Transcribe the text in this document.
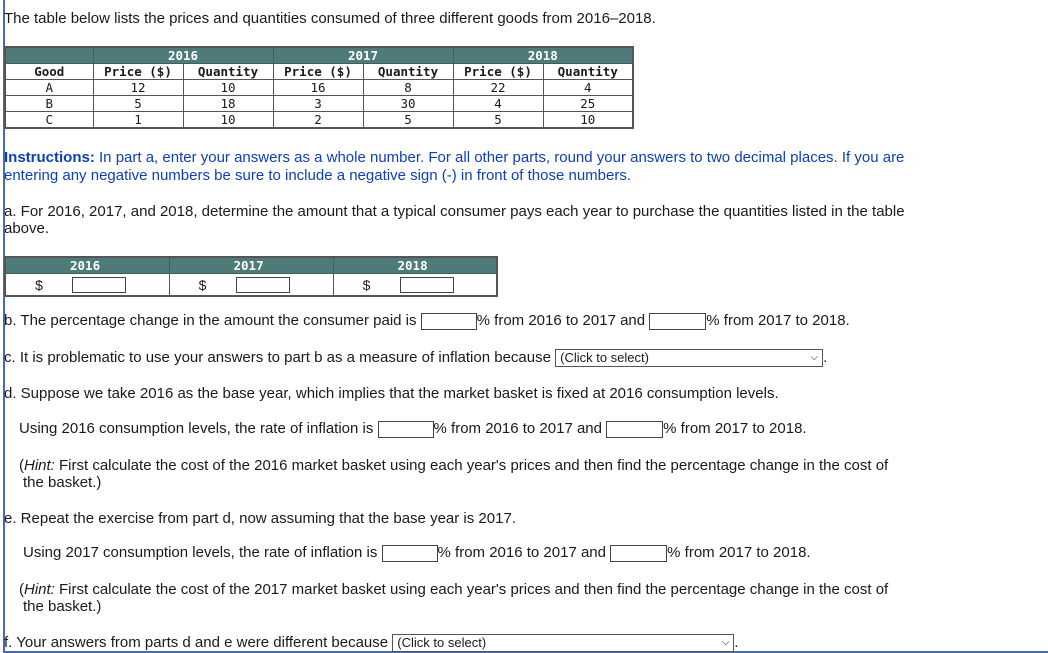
The table below lists the prices and quantities consumed of three different goods from 2016–2018.
	2016		2017		2018	
Good	Price ($)	Quantity	Price ($)	Quantity	Price ($)	Quantity
A	12	10	16	8	22	4
B	5	18	3	30	4	25
C	1	10	2	5	5	10
Instructions: In part a, enter your answers as a whole number. For all other parts, round your answers to two decimal places. If you are
entering any negative numbers be sure to include a negative sign (-) in front of those numbers.
a. For 2016, 2017, and 2018, determine the amount that a typical consumer pays each year to purchase the quantities listed in the table
above.
2016	2017	2018

$	$	$
b. The percentage change in the amount the consumer paid is	% from 2016 to 2017 and	% from 2017 to 2018.
c. It is problematic to use your answers to part b as a measure of inflation because (Click to select)	⌵ .
d. Suppose we take 2016 as the base year, which implies that the market basket is fixed at 2016 consumption levels.
Using 2016 consumption levels, the rate of inflation is	% from 2016 to 2017 and	% from 2017 to 2018.
(Hint: First calculate the cost of the 2016 market basket using each year's prices and then find the percentage change in the cost of
the basket.)
e. Repeat the exercise from part d, now assuming that the base year is 2017.
Using 2017 consumption levels, the rate of inflation is	% from 2016 to 2017 and	% from 2017 to 2018.
(Hint: First calculate the cost of the 2017 market basket using each year's prices and then find the percentage change in the cost of
the basket.)
f. Your answers from parts d and e were different because (Click to select)	⌵ .
